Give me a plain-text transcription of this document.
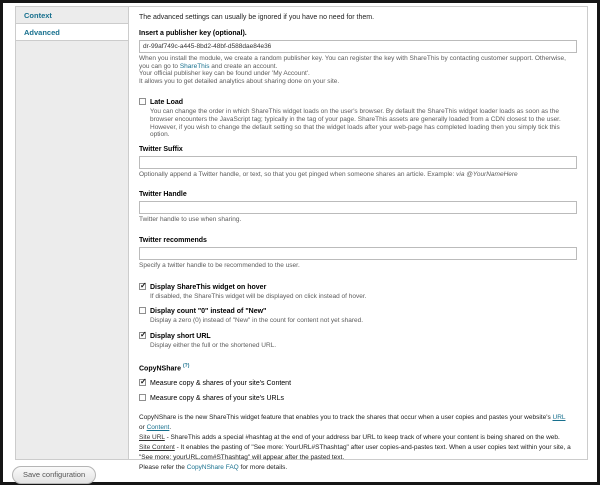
Context
Advanced
The advanced settings can usually be ignored if you have no need for them.
Insert a publisher key (optional).
dr-99af749c-a445-8bd2-48bf-d588dae84e36
When you install the module, we create a random publisher key. You can register the key with ShareThis by contacting customer support. Otherwise, you can go to ShareThis and create an account.
Your official publisher key can be found under 'My Account'.
It allows you to get detailed analytics about sharing done on your site.
Late Load
You can change the order in which ShareThis widget loads on the user's browser. By default the ShareThis widget loader loads as soon as the browser encounters the JavaScript tag; typically in the tag of your page. ShareThis assets are generally loaded from a CDN closest to the user. However, if you wish to change the default setting so that the widget loads after your web-page has completed loading then you simply tick this option.
Twitter Suffix
Optionally append a Twitter handle, or text, so that you get pinged when someone shares an article. Example: via @YourNameHere
Twitter Handle
Twitter handle to use when sharing.
Twitter recommends
Specify a twitter handle to be recommended to the user.
✓Display ShareThis widget on hover
If disabled, the ShareThis widget will be displayed on click instead of hover.
Display count "0" instead of "New"
Display a zero (0) instead of "New" in the count for content not yet shared.
✓Display short URL
Display either the full or the shortened URL.
CopyNShare (?)
✓Measure copy & shares of your site's Content
Measure copy & shares of your site's URLs
CopyNShare is the new ShareThis widget feature that enables you to track the shares that occur when a user copies and pastes your website's URL
or Content.
Site URL - ShareThis adds a special #hashtag at the end of your address bar URL to keep track of where your content is being shared on the web.
Site Content - It enables the pasting of "See more: YourURL#SThashtag" after user copies-and-pastes text. When a user copies text within your site, a "See more: yourURL.com#SThashtag" will appear after the pasted text.
Please refer the CopyNShare FAQ for more details.
Save configuration
